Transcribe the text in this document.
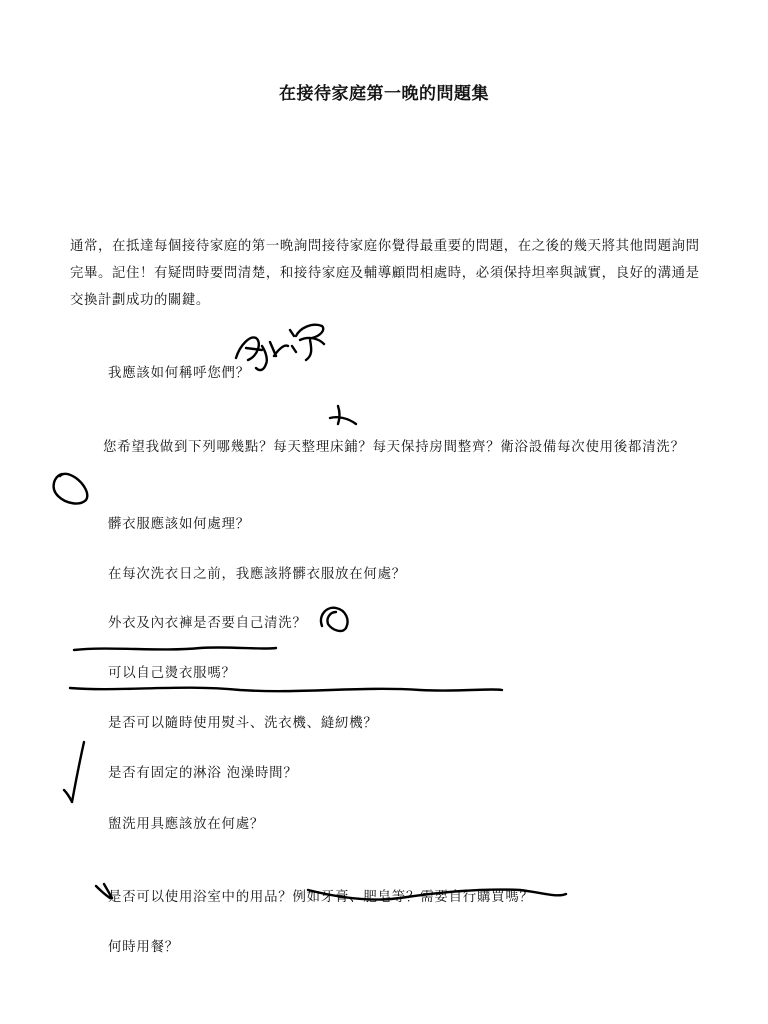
在接待家庭第一晚的問題集
通常，在抵達每個接待家庭的第一晚詢問接待家庭你覺得最重要的問題，在之後的幾天將其他問題詢問完畢。記住！有疑問時要問清楚，和接待家庭及輔導顧問相處時，必須保持坦率與誠實，良好的溝通是交換計劃成功的關鍵。
我應該如何稱呼您們？
您希望我做到下列哪幾點？每天整理床鋪？每天保持房間整齊？衛浴設備每次使用後都清洗？
髒衣服應該如何處理？
在每次洗衣日之前，我應該將髒衣服放在何處？
外衣及內衣褲是否要自己清洗？
可以自己燙衣服嗎？
是否可以隨時使用熨斗、洗衣機、縫紉機？
是否有固定的淋浴 泡澡時間？
盥洗用具應該放在何處？
是否可以使用浴室中的用品？例如牙膏、肥皂等？需要自行購買嗎？
何時用餐？
